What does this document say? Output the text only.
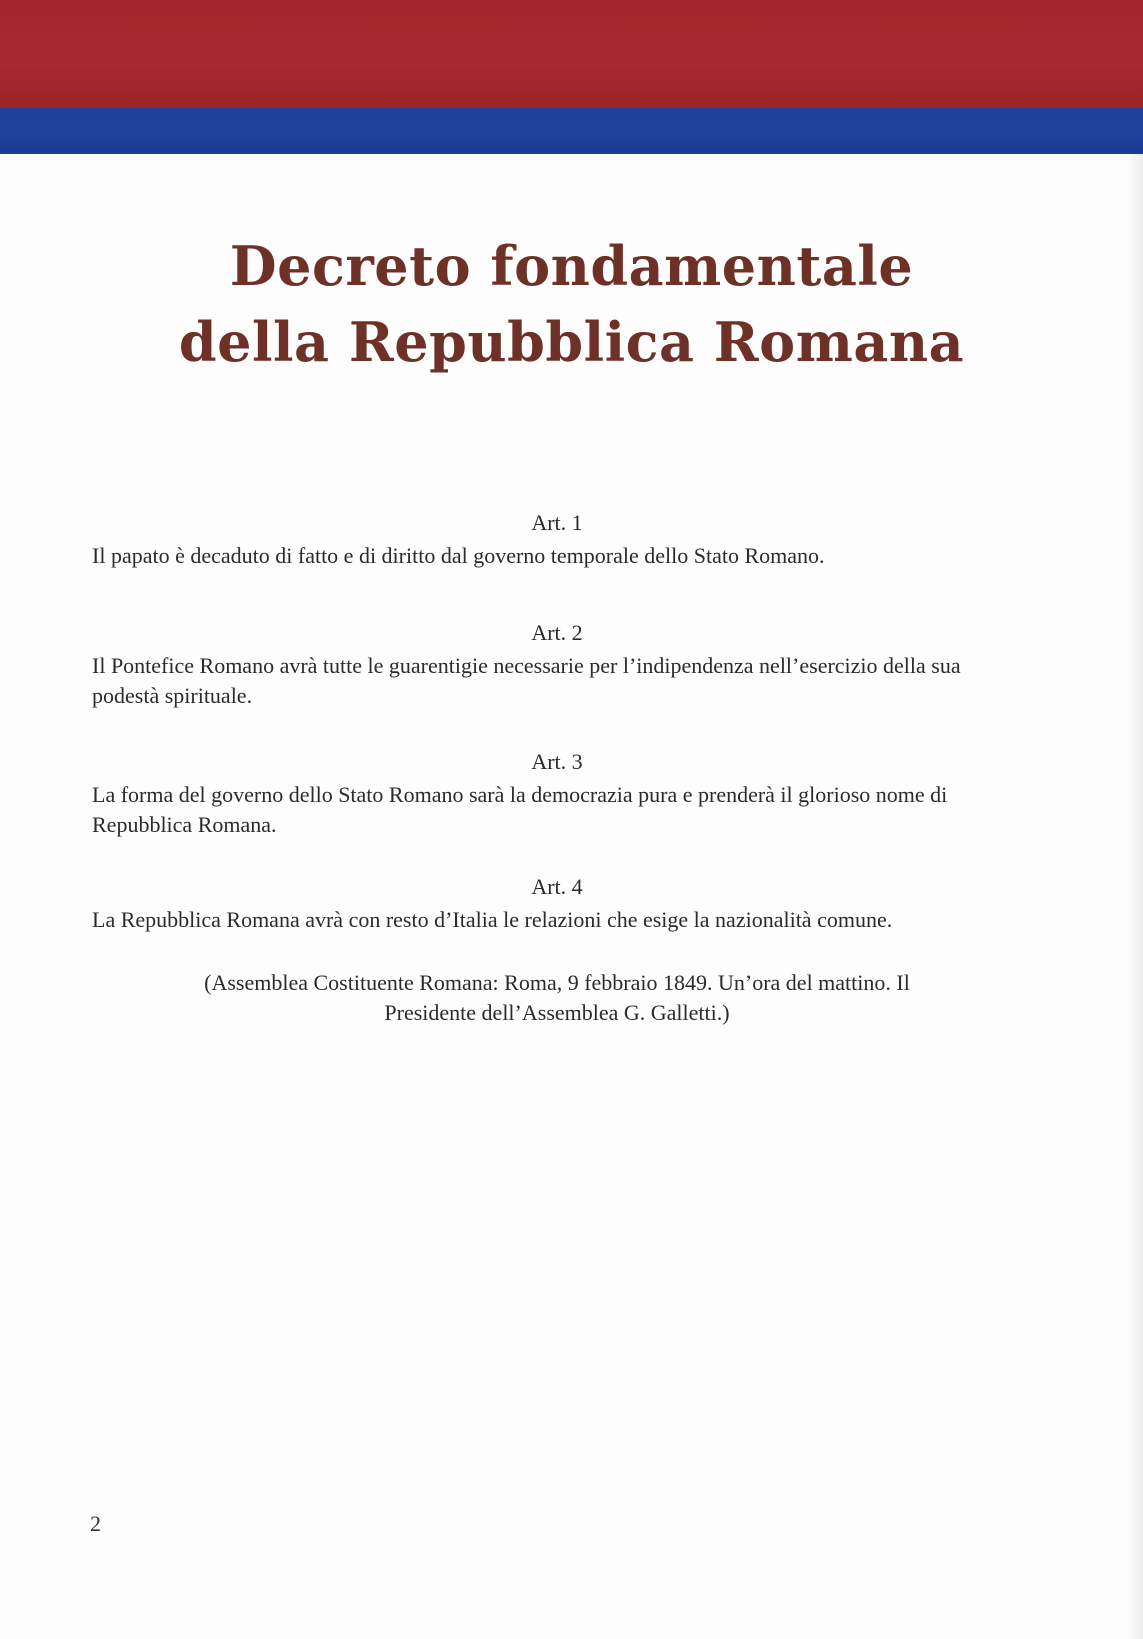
Decreto fondamentale
della Repubblica Romana
Art. 1
Il papato è decaduto di fatto e di diritto dal governo temporale dello Stato Romano.
Art. 2
Il Pontefice Romano avrà tutte le guarentigie necessarie per l’indipendenza nell’esercizio della sua podestà spirituale.
Art. 3
La forma del governo dello Stato Romano sarà la democrazia pura e prenderà il glorioso nome di Repubblica Romana.
Art. 4
La Repubblica Romana avrà con resto d’Italia le relazioni che esige la nazionalità comune.
(Assemblea Costituente Romana: Roma, 9 febbraio 1849. Un’ora del mattino. Il
Presidente dell’Assemblea G. Galletti.)
2
